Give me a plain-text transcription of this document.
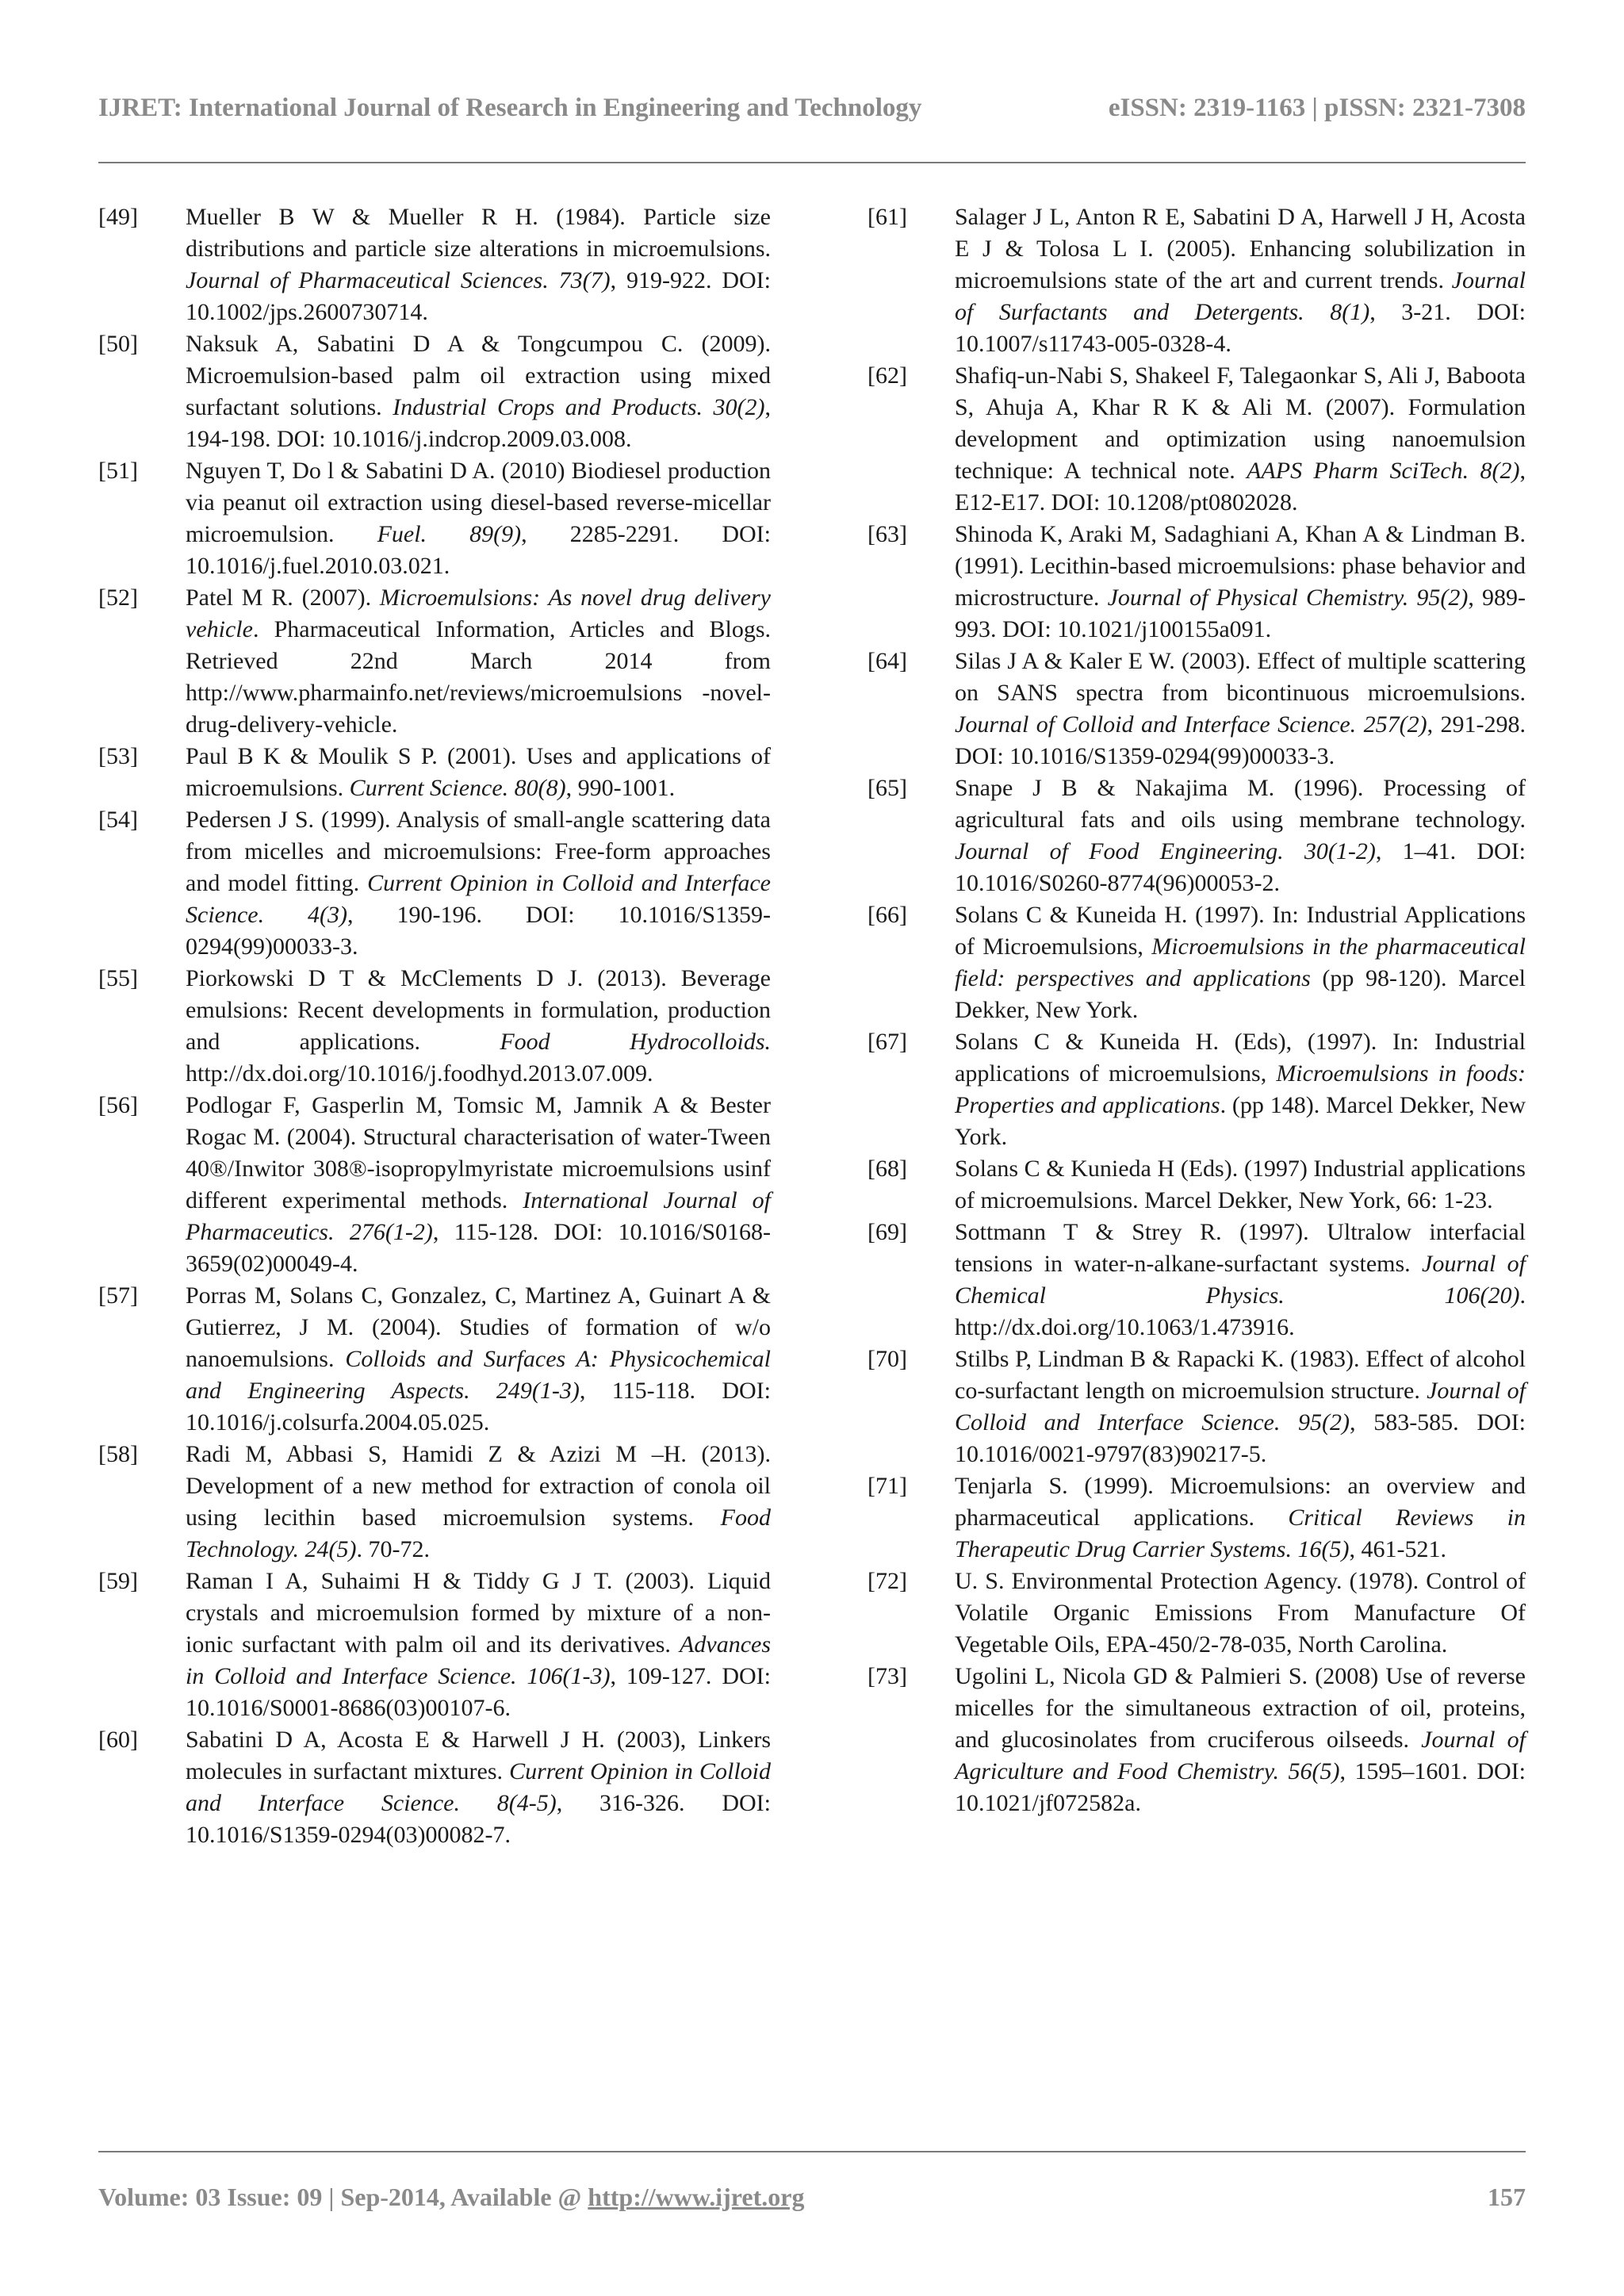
IJRET: International Journal of Research in Engineering and Technology	eISSN: 2319-1163 | pISSN: 2321-7308
[49]	Mueller B W & Mueller R H. (1984). Particle size distributions and particle size alterations in microemulsions. Journal of Pharmaceutical Sciences. 73(7), 919-922. DOI: 10.1002/jps.2600730714.
[50]	Naksuk A, Sabatini D A & Tongcumpou C. (2009). Microemulsion-based palm oil extraction using mixed surfactant solutions. Industrial Crops and Products. 30(2), 194-198. DOI: 10.1016/j.indcrop.2009.03.008.
[51]	Nguyen T, Do l & Sabatini D A. (2010) Biodiesel production via peanut oil extraction using diesel-based reverse-micellar microemulsion. Fuel. 89(9), 2285-2291. DOI: 10.1016/j.fuel.2010.03.021.
[52]	Patel M R. (2007). Microemulsions: As novel drug delivery vehicle. Pharmaceutical Information, Articles and Blogs. Retrieved 22nd March 2014 from http://www.pharmainfo.net/reviews/microemulsions -novel-drug-delivery-vehicle.
[53]	Paul B K & Moulik S P. (2001). Uses and applications of microemulsions. Current Science. 80(8), 990-1001.
[54]	Pedersen J S. (1999). Analysis of small-angle scattering data from micelles and microemulsions: Free-form approaches and model fitting. Current Opinion in Colloid and Interface Science. 4(3), 190-196. DOI: 10.1016/S1359-0294(99)00033-3.
[55]	Piorkowski D T & McClements D J. (2013). Beverage emulsions: Recent developments in formulation, production and applications. Food Hydrocolloids. http://dx.doi.org/10.1016/j.foodhyd.2013.07.009.
[56]	Podlogar F, Gasperlin M, Tomsic M, Jamnik A & Bester Rogac M. (2004). Structural characterisation of water-Tween 40®/Inwitor 308®-isopropylmyristate microemulsions usinf different experimental methods. International Journal of Pharmaceutics. 276(1-2), 115-128. DOI: 10.1016/S0168-3659(02)00049-4.
[57]	Porras M, Solans C, Gonzalez, C, Martinez A, Guinart A & Gutierrez, J M. (2004). Studies of formation of w/o nanoemulsions. Colloids and Surfaces A: Physicochemical and Engineering Aspects. 249(1-3), 115-118. DOI: 10.1016/j.colsurfa.2004.05.025.
[58]	Radi M, Abbasi S, Hamidi Z & Azizi M –H. (2013). Development of a new method for extraction of conola oil using lecithin based microemulsion systems. Food Technology. 24(5). 70-72.
[59]	Raman I A, Suhaimi H & Tiddy G J T. (2003). Liquid crystals and microemulsion formed by mixture of a non-ionic surfactant with palm oil and its derivatives. Advances in Colloid and Interface Science. 106(1-3), 109-127. DOI: 10.1016/S0001-8686(03)00107-6.
[60]	Sabatini D A, Acosta E & Harwell J H. (2003), Linkers molecules in surfactant mixtures. Current Opinion in Colloid and Interface Science. 8(4-5), 316-326. DOI: 10.1016/S1359-0294(03)00082-7.
[61]	Salager J L, Anton R E, Sabatini D A, Harwell J H, Acosta E J & Tolosa L I. (2005). Enhancing solubilization in microemulsions state of the art and current trends. Journal of Surfactants and Detergents. 8(1), 3-21. DOI: 10.1007/s11743-005-0328-4.
[62]	Shafiq-un-Nabi S, Shakeel F, Talegaonkar S, Ali J, Baboota S, Ahuja A, Khar R K & Ali M. (2007). Formulation development and optimization using nanoemulsion technique: A technical note. AAPS Pharm SciTech. 8(2), E12-E17. DOI: 10.1208/pt0802028.
[63]	Shinoda K, Araki M, Sadaghiani A, Khan A & Lindman B. (1991). Lecithin-based microemulsions: phase behavior and microstructure. Journal of Physical Chemistry. 95(2), 989-993. DOI: 10.1021/j100155a091.
[64]	Silas J A & Kaler E W. (2003). Effect of multiple scattering on SANS spectra from bicontinuous microemulsions. Journal of Colloid and Interface Science. 257(2), 291-298. DOI: 10.1016/S1359-0294(99)00033-3.
[65]	Snape J B & Nakajima M. (1996). Processing of agricultural fats and oils using membrane technology. Journal of Food Engineering. 30(1-2), 1–41. DOI: 10.1016/S0260-8774(96)00053-2.
[66]	Solans C & Kuneida H. (1997). In: Industrial Applications of Microemulsions, Microemulsions in the pharmaceutical field: perspectives and applications (pp 98-120). Marcel Dekker, New York.
[67]	Solans C & Kuneida H. (Eds), (1997). In: Industrial applications of microemulsions, Microemulsions in foods: Properties and applications. (pp 148). Marcel Dekker, New York.
[68]	Solans C & Kunieda H (Eds). (1997) Industrial applications of microemulsions. Marcel Dekker, New York, 66: 1-23.
[69]	Sottmann T & Strey R. (1997). Ultralow interfacial tensions in water-n-alkane-surfactant systems. Journal of Chemical Physics. 106(20). http://dx.doi.org/10.1063/1.473916.
[70]	Stilbs P, Lindman B & Rapacki K. (1983). Effect of alcohol co-surfactant length on microemulsion structure. Journal of Colloid and Interface Science. 95(2), 583-585. DOI: 10.1016/0021-9797(83)90217-5.
[71]	Tenjarla S. (1999). Microemulsions: an overview and pharmaceutical applications. Critical Reviews in Therapeutic Drug Carrier Systems. 16(5), 461-521.
[72]	U. S. Environmental Protection Agency. (1978). Control of Volatile Organic Emissions From Manufacture Of Vegetable Oils, EPA-450/2-78-035, North Carolina.
[73]	Ugolini L, Nicola GD & Palmieri S. (2008) Use of reverse micelles for the simultaneous extraction of oil, proteins, and glucosinolates from cruciferous oilseeds. Journal of Agriculture and Food Chemistry. 56(5), 1595–1601. DOI: 10.1021/jf072582a.
Volume: 03 Issue: 09 | Sep-2014, Available @ http://www.ijret.org	157
